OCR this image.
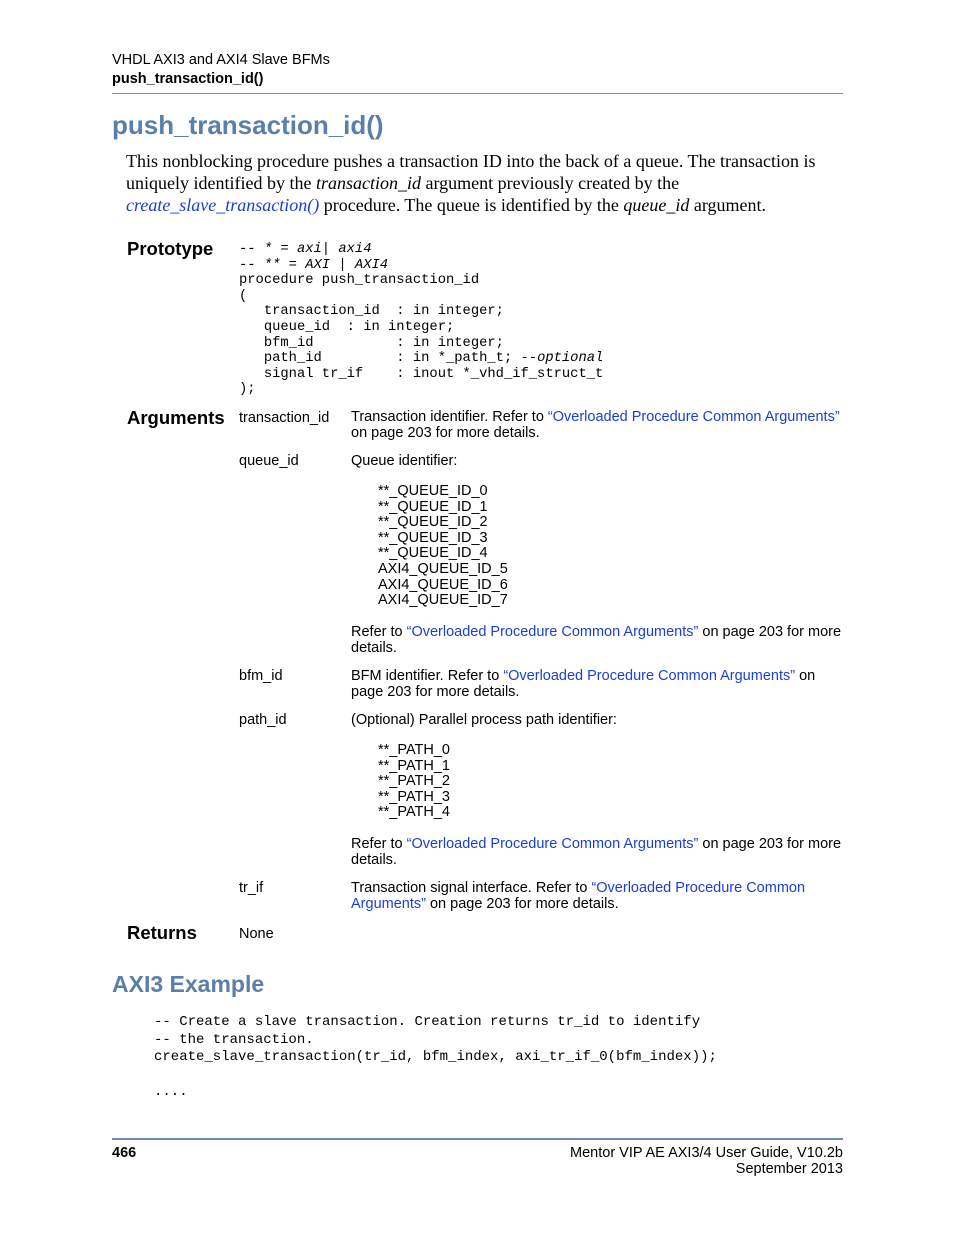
VHDL AXI3 and AXI4 Slave BFMs
push_transaction_id()
push_transaction_id()
This nonblocking procedure pushes a transaction ID into the back of a queue. The transaction is uniquely identified by the transaction_id argument previously created by the create_slave_transaction() procedure. The queue is identified by the queue_id argument.
Prototype -- * = axi| axi4
-- ** = AXI | AXI4
procedure push_transaction_id
(
transaction_id  : in integer;
queue_id  : in integer;
bfm_id          : in integer;
path_id         : in *_path_t; --optional
signal tr_if    : inout *_vhd_if_struct_t
);
Arguments transaction_id Transaction identifier. Refer to “Overloaded Procedure Common Arguments” on page 203 for more details.
queue_id	Queue identifier:
**_QUEUE_ID_0
**_QUEUE_ID_1
**_QUEUE_ID_2
**_QUEUE_ID_3
**_QUEUE_ID_4
AXI4_QUEUE_ID_5
AXI4_QUEUE_ID_6
AXI4_QUEUE_ID_7
Refer to “Overloaded Procedure Common Arguments” on page 203 for more details.
bfm_id	BFM identifier. Refer to “Overloaded Procedure Common Arguments” on page 203 for more details.
path_id	(Optional) Parallel process path identifier:
**_PATH_0
**_PATH_1
**_PATH_2
**_PATH_3
**_PATH_4
Refer to “Overloaded Procedure Common Arguments” on page 203 for more details.
tr_if	Transaction signal interface. Refer to “Overloaded Procedure Common Arguments” on page 203 for more details.
Returns	None
AXI3 Example
-- Create a slave transaction. Creation returns tr_id to identify
-- the transaction.
create_slave_transaction(tr_id, bfm_index, axi_tr_if_0(bfm_index));

....
466	Mentor VIP AE AXI3/4 User Guide, V10.2b
September 2013
